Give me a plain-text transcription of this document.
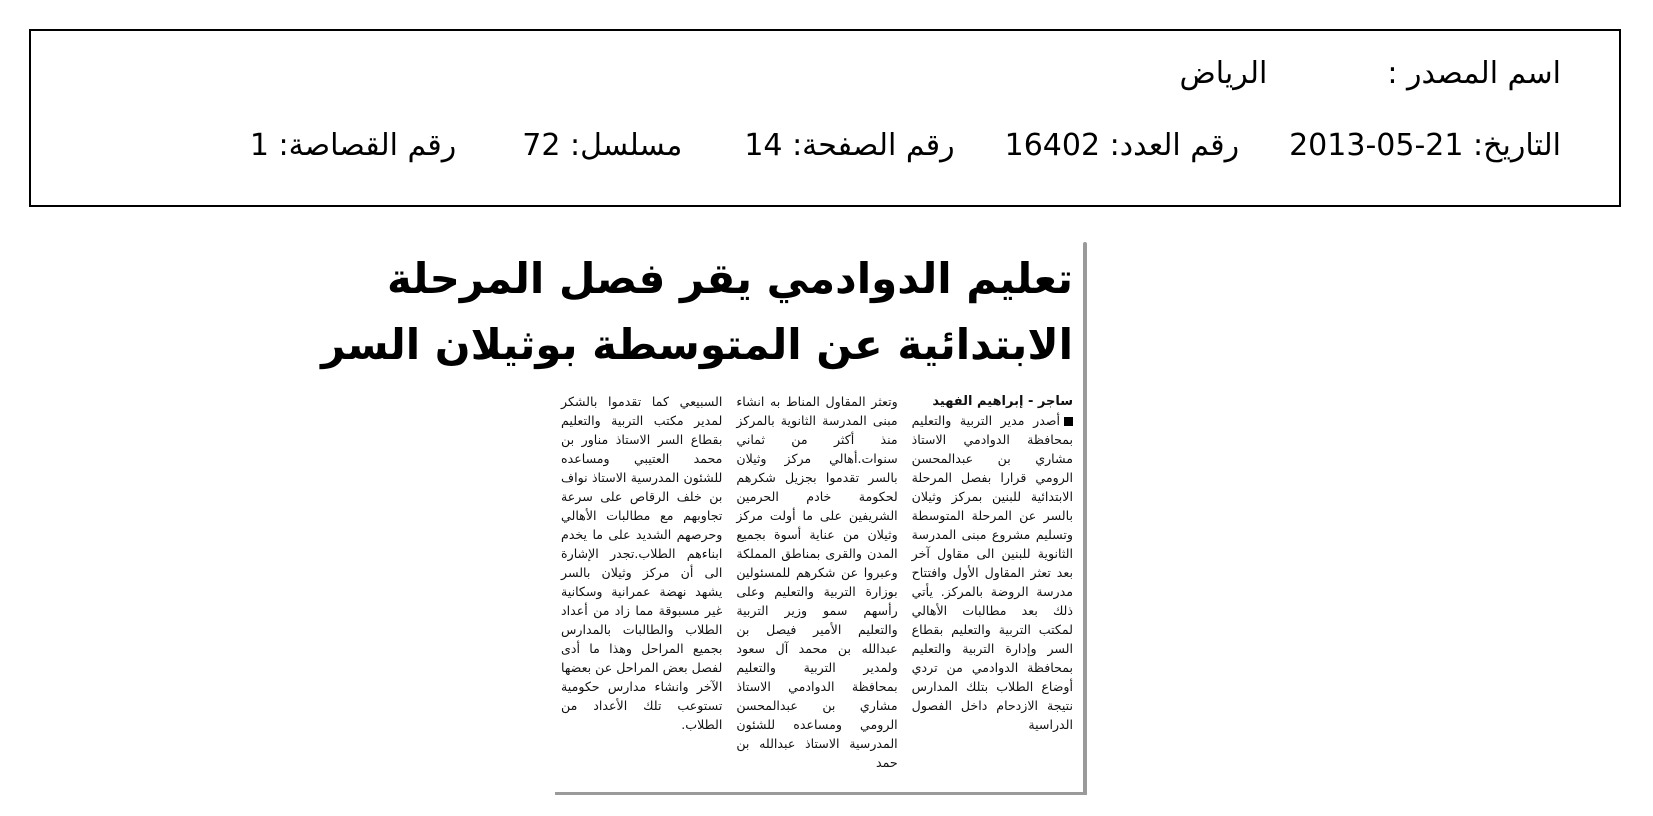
اسم المصدر :الرياض
التاريخ: 21-05-2013رقم العدد: 16402رقم الصفحة: 14مسلسل: 72رقم القصاصة: 1
تعليم الدوادمي يقر فصل المرحلة
الابتدائية عن المتوسطة بوثيلان السر
ساجر - إبراهيم الفهيد
أصدر مدير التربية والتعليم بمحافظة الدوادمي الاستاذ مشاري بن عبدالمحسن الرومي قرارا بفصل المرحلة الابتدائية للبنين بمركز وثيلان بالسر عن المرحلة المتوسطة وتسليم مشروع مبنى المدرسة الثانوية للبنين الى مقاول آخر بعد تعثر المقاول الأول وافتتاح مدرسة الروضة بالمركز. يأتي ذلك بعد مطالبات الأهالي لمكتب التربية والتعليم بقطاع السر وإدارة التربية والتعليم بمحافظة الدوادمي من تردي أوضاع الطلاب بتلك المدارس نتيجة الازدحام داخل الفصول الدراسية
وتعثر المقاول المناط به انشاء مبنى المدرسة الثانوية بالمركز منذ أكثر من ثماني سنوات.أهالي مركز وثيلان بالسر تقدموا بجزيل شكرهم لحكومة خادم الحرمين الشريفين على ما أولت مركز وثيلان من عناية أسوة بجميع المدن والقرى بمناطق المملكة وعبروا عن شكرهم للمسئولين بوزارة التربية والتعليم وعلى رأسهم سمو وزير التربية والتعليم الأمير فيصل بن عبدالله بن محمد آل سعود ولمدير التربية والتعليم بمحافظة الدوادمي الاستاذ مشاري بن عبدالمحسن الرومي ومساعده للشئون المدرسية الاستاذ عبدالله بن حمد
السبيعي كما تقدموا بالشكر لمدير مكتب التربية والتعليم بقطاع السر الاستاذ مناور بن محمد العتيبي ومساعده للشئون المدرسية الاستاذ نواف بن خلف الرقاص على سرعة تجاوبهم مع مطالبات الأهالي وحرصهم الشديد على ما يخدم ابناءهم الطلاب.تجدر الإشارة الى أن مركز وثيلان بالسر يشهد نهضة عمرانية وسكانية غير مسبوقة مما زاد من أعداد الطلاب والطالبات بالمدارس بجميع المراحل وهذا ما أدى لفصل بعض المراحل عن بعضها الآخر وانشاء مدارس حكومية تستوعب تلك الأعداد من الطلاب.
